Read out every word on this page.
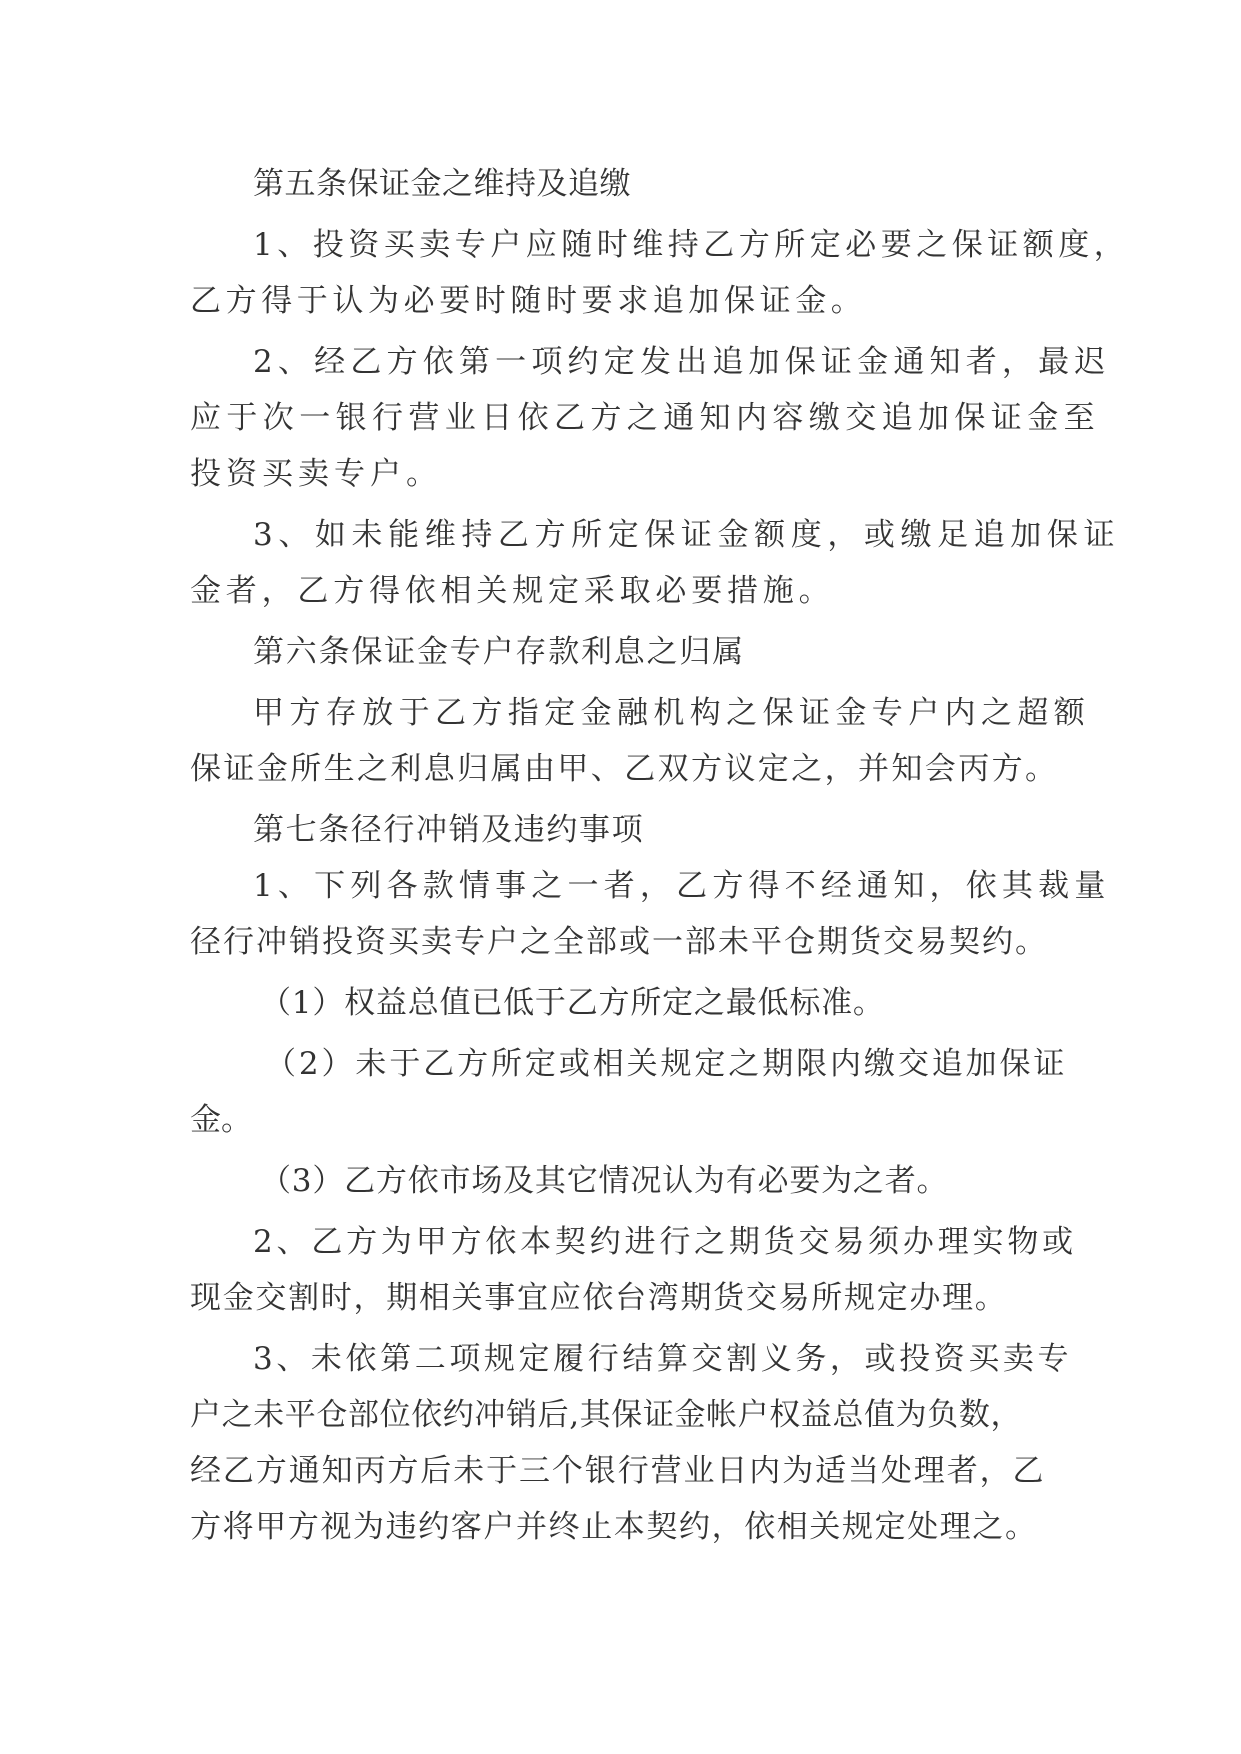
第五条保证金之维持及追缴

1、投资买卖专户应随时维持乙方所定必要之保证额度，

乙方得于认为必要时随时要求追加保证金。

2、经乙方依第一项约定发出追加保证金通知者，最迟

应于次一银行营业日依乙方之通知内容缴交追加保证金至

投资买卖专户。

3、如未能维持乙方所定保证金额度，或缴足追加保证

金者，乙方得依相关规定采取必要措施。

第六条保证金专户存款利息之归属

甲方存放于乙方指定金融机构之保证金专户内之超额

保证金所生之利息归属由甲、乙双方议定之，并知会丙方。

第七条径行冲销及违约事项

1、下列各款情事之一者，乙方得不经通知，依其裁量

径行冲销投资买卖专户之全部或一部未平仓期货交易契约。

（1）权益总值已低于乙方所定之最低标准。

（2）未于乙方所定或相关规定之期限内缴交追加保证

金。

（3）乙方依市场及其它情况认为有必要为之者。

2、乙方为甲方依本契约进行之期货交易须办理实物或

现金交割时，期相关事宜应依台湾期货交易所规定办理。

3、未依第二项规定履行结算交割义务，或投资买卖专

户之未平仓部位依约冲销后,其保证金帐户权益总值为负数，

经乙方通知丙方后未于三个银行营业日内为适当处理者，乙

方将甲方视为违约客户并终止本契约，依相关规定处理之。
